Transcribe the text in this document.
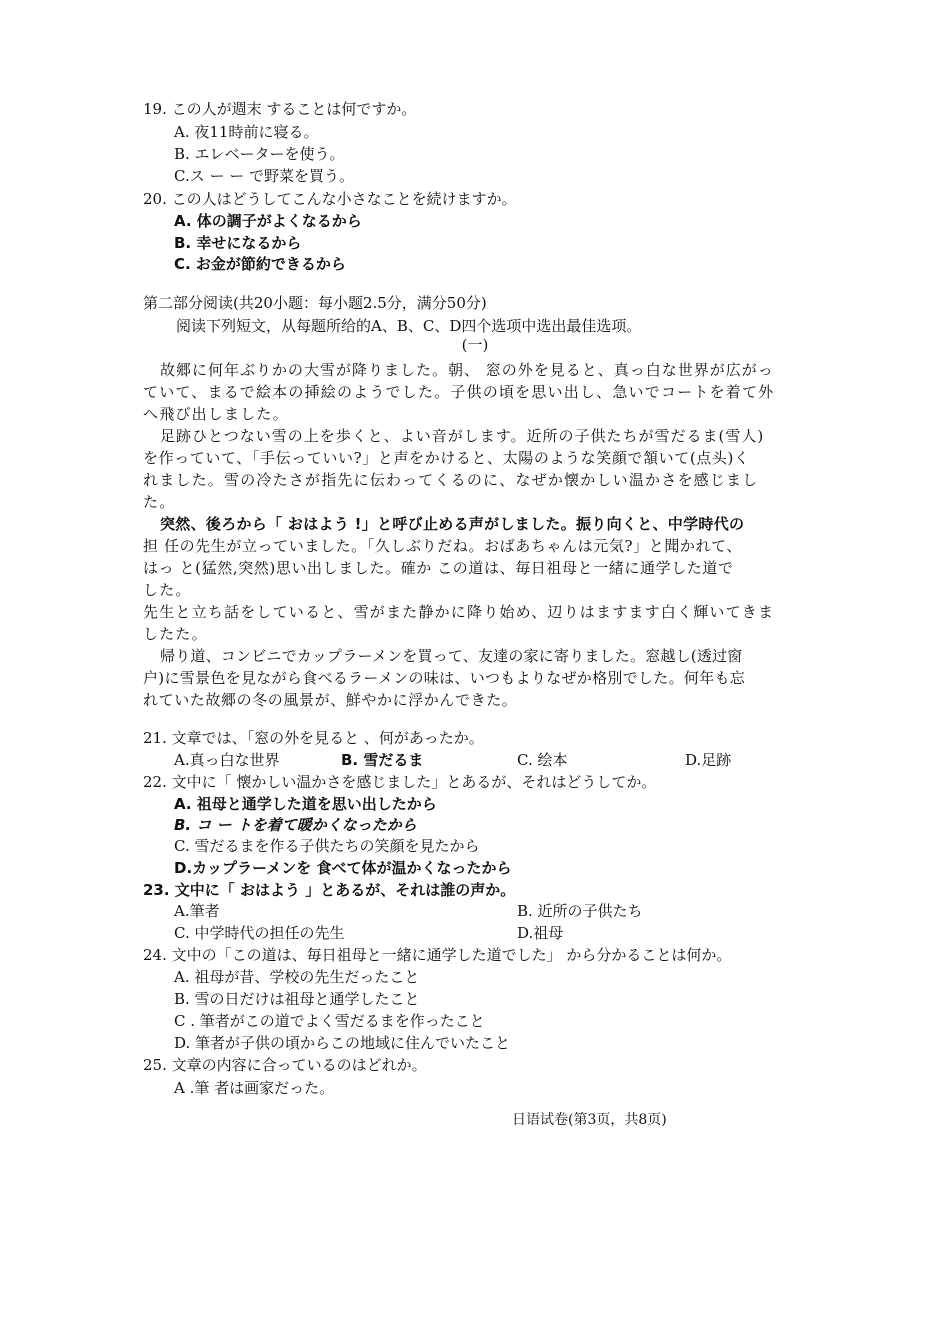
19. この人が週末 することは何ですか。
A. 夜11時前に寝る。
B. エレベーターを使う。
C.ス ー ー で野菜を買う。
20. この人はどうしてこんな小さなことを続けますか。
A. 体の調子がよくなるから
B. 幸せになるから
C. お金が節約できるから
第二部分阅读(共20小题：每小题2.5分，满分50分)
阅读下列短文，从每题所给的A、B、C、D四个选项中选出最佳选项。
(一)
故郷に何年ぶりかの大雪が降りました。朝、 窓の外を見ると、真っ白な世界が広がっ
ていて、まるで絵本の挿絵のようでした。子供の頃を思い出し、急いでコートを着て外
へ飛び出しました。
足跡ひとつない雪の上を歩くと、よい音がします。近所の子供たちが雪だるま(雪人)
を作っていて、「手伝っていい?」と声をかけると、太陽のような笑顔で頷いて(点头)く
れました。雪の冷たさが指先に伝わってくるのに、なぜか懐かしい温かさを感じまし
た。
突然、後ろから「 おはよう !」と呼び止める声がしました。振り向くと、中学時代の
担 任の先生が立っていました。「久しぶりだね。おばあちゃんは元気?」と聞かれて、
はっ と(猛然,突然)思い出しました。確か この道は、毎日祖母と一緒に通学した道で
した。
先生と立ち話をしていると、雪がまた静かに降り始め、辺りはますます白く輝いてきま
したた。
帰り道、コンビニでカップラーメンを買って、友達の家に寄りました。窓越し(透过窗
户)に雪景色を見ながら食べるラーメンの味は、いつもよりなぜか格別でした。何年も忘
れていた故郷の冬の風景が、鮮やかに浮かんできた。
21. 文章では、「窓の外を見ると 、何があったか。
A.真っ白な世界	B. 雪だるま	C. 绘本	D.足跡
22. 文中に「 懐かしい温かさを感じました」とあるが、それはどうしてか。
A. 祖母と通学した道を思い出したから
B. コ ー トを着て暖かくなったから
C. 雪だるまを作る子供たちの笑顔を見たから
D.カップラーメンを 食べて体が温かくなったから
23. 文中に「 おはよう 」とあるが、それは誰の声か。
A.筆者	B. 近所の子供たち
C. 中学時代の担任の先生	D.祖母
24. 文中の「この道は、毎日祖母と一緒に通学した道でした」 から分かることは何か。
A. 祖母が昔、学校の先生だったこと
B. 雪の日だけは祖母と通学したこと
C . 筆者がこの道でよく雪だるまを作ったこと
D. 筆者が子供の頃からこの地域に住んでいたこと
25. 文章の内容に合っているのはどれか。
A .筆 者は画家だった。
日语试卷(第3页，共8页)
